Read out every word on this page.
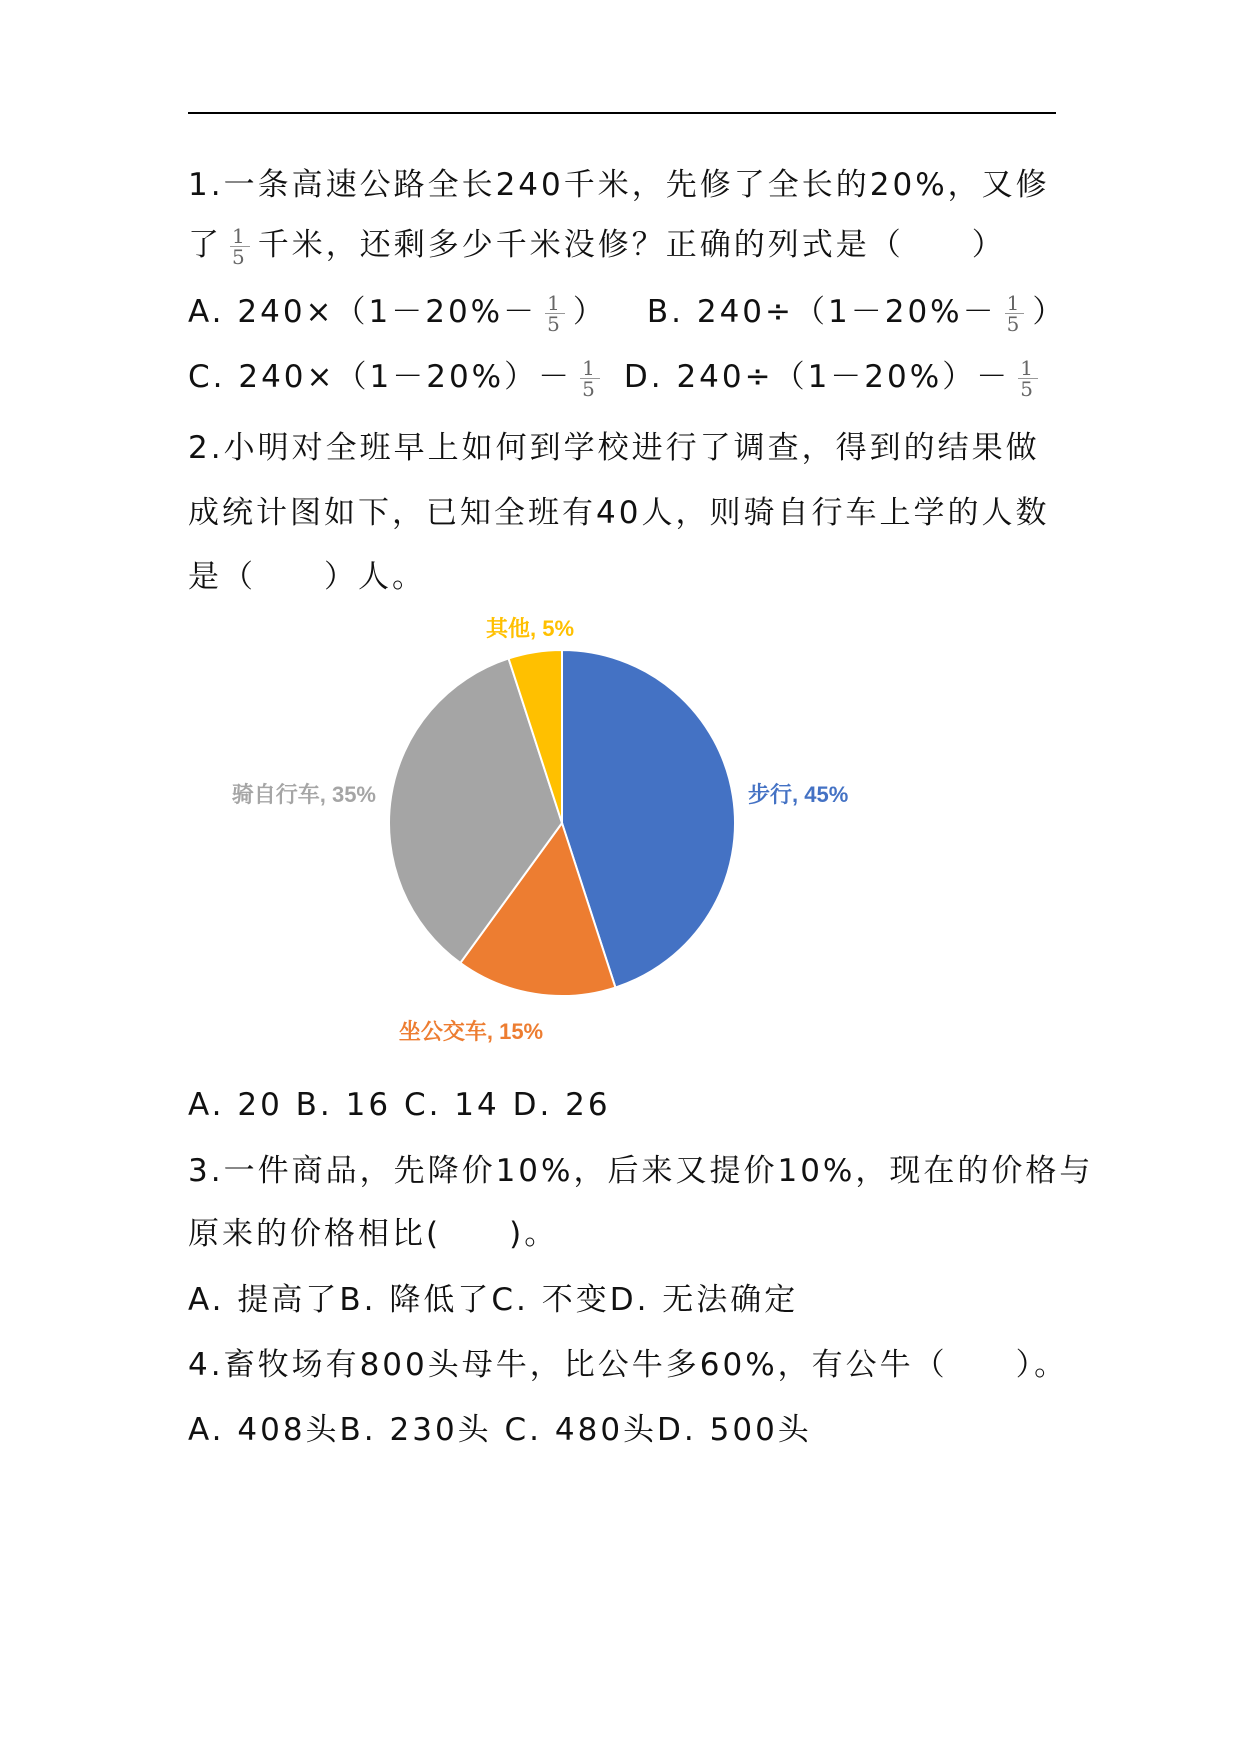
1.一条高速公路全长240千米，先修了全长的20%，又修
了 $\frac{1}{5}$ 千米，还剩多少千米没修？正确的列式是（　　）
A. $240\times(1-20\%- \frac{1}{5}$ ） B. $240\div(1-20\%- \frac{1}{5}$ ）
C. $240\times(1-20\%)- \frac{1}{5} D$. $240\div(1-20\%)- \frac{1}{5}$
2.小明对全班早上如何到学校进行了调查，得到的结果做
成统计图如下，已知全班有40人，则骑自行车上学的人数
是（　　）人。
步行, 45%
坐公交车, 15%
骑自行车, 35%
其他, 5%
A. 20 B. 16 C. 14 D. 26
3.一件商品，先降价10%，后来又提价10%，现在的价格与
原来的价格相比(　　)。
A. 提高了B. 降低了C. 不变D. 无法确定
4.畜牧场有800头母牛，比公牛多60%，有公牛（　　）。
A. 408头B. 230头 C. 480头D. 500头
